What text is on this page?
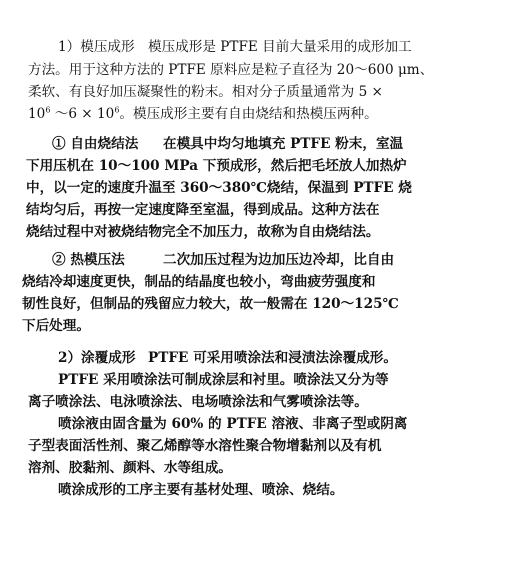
1）模压成形 模压成形是 PTFE 目前大量采用的成形加工
方法。用于这种方法的 PTFE 原料应是粒子直径为 20～600 μm、
柔软、有良好加压凝聚性的粉末。相对分子质量通常为 5 ×
$10^6$ ～6 × $10^6$。模压成形主要有自由烧结和热模压两种。
① 自由烧结法 在模具中均匀地填充 PTFE 粉末，室温
下用压机在 10～100 MPa 下预成形，然后把毛坯放人加热炉
中，以一定的速度升温至 360～380℃烧结，保温到 PTFE 烧
结均匀后，再按一定速度降至室温，得到成品。这种方法在
烧结过程中对被烧结物完全不加压力，故称为自由烧结法。
② 热模压法	二次加压过程为边加压边冷却，比自由
烧结冷却速度更快，制品的结晶度也较小，弯曲疲劳强度和
韧性良好，但制品的残留应力较大，故一般需在 120～125℃
下后处理。
2）涂覆成形 PTFE 可采用喷涂法和浸渍法涂覆成形。
PTFE 采用喷涂法可制成涂层和衬里。喷涂法又分为等
离子喷涂法、电泳喷涂法、电场喷涂法和气雾喷涂法等。
喷涂液由固含量为 60% 的 PTFE 溶液、非离子型或阴离
子型表面活性剂、聚乙烯醇等水溶性聚合物增黏剂以及有机
溶剂、胶黏剂、颜料、水等组成。
喷涂成形的工序主要有基材处理、喷涂、烧结。
